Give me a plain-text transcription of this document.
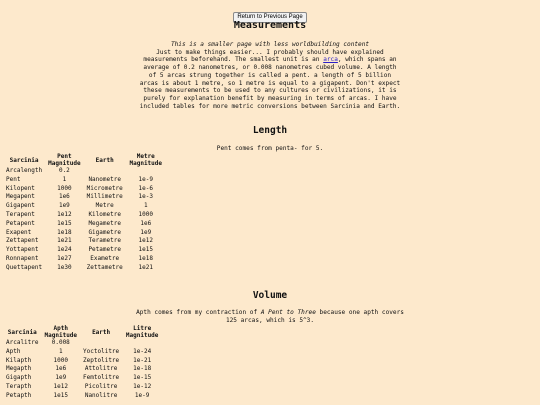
Return to Previous Page
Measurements

This is a smaller page with less worldbuilding content
Just to make things easier... I probably should have explained measurements beforehand. The smallest unit is an arca, which spans an average of 0.2 nanometres, or 0.008 nanometres cubed volume. A length of 5 arcas strung together is called a pent. a length of 5 billion arcas is about 1 metre, so 1 metre is equal to a gigapent. Don't expect these measurements to be used to any cultures or civilizations, it is purely for explanation benefit by measuring in terms of arcas. I have included tables for more metric conversions between Sarcinia and Earth.

Length

Pent comes from penta- for 5.

Sarcinia	Pent Magnitude	Earth	Metre Magnitude
Arcalength	0.2		
Pent	1	Nanometre	1e-9
Kilopent	1000	Micrometre	1e-6
Megapent	1e6	Millimetre	1e-3
Gigapent	1e9	Metre	1
Terapent	1e12	Kilometre	1000
Petapent	1e15	Megametre	1e6
Exapent	1e18	Gigametre	1e9
Zettapent	1e21	Terametre	1e12
Yottapent	1e24	Petametre	1e15
Ronnapent	1e27	Exametre	1e18
Quettapent	1e30	Zettametre	1e21
Volume

Apth comes from my contraction of A Pent to Three because one apth covers 125 arcas, which is 5^3.

Sarcinia	Apth Magnitude	Earth	Litre Magnitude
Arcalitre	0.008		
Apth	1	Yoctolitre	1e-24
Kilapth	1000	Zeptolitre	1e-21
Megapth	1e6	Attolitre	1e-18
Gigapth	1e9	Femtolitre	1e-15
Terapth	1e12	Picolitre	1e-12
Petapth	1e15	Nanolitre	1e-9
